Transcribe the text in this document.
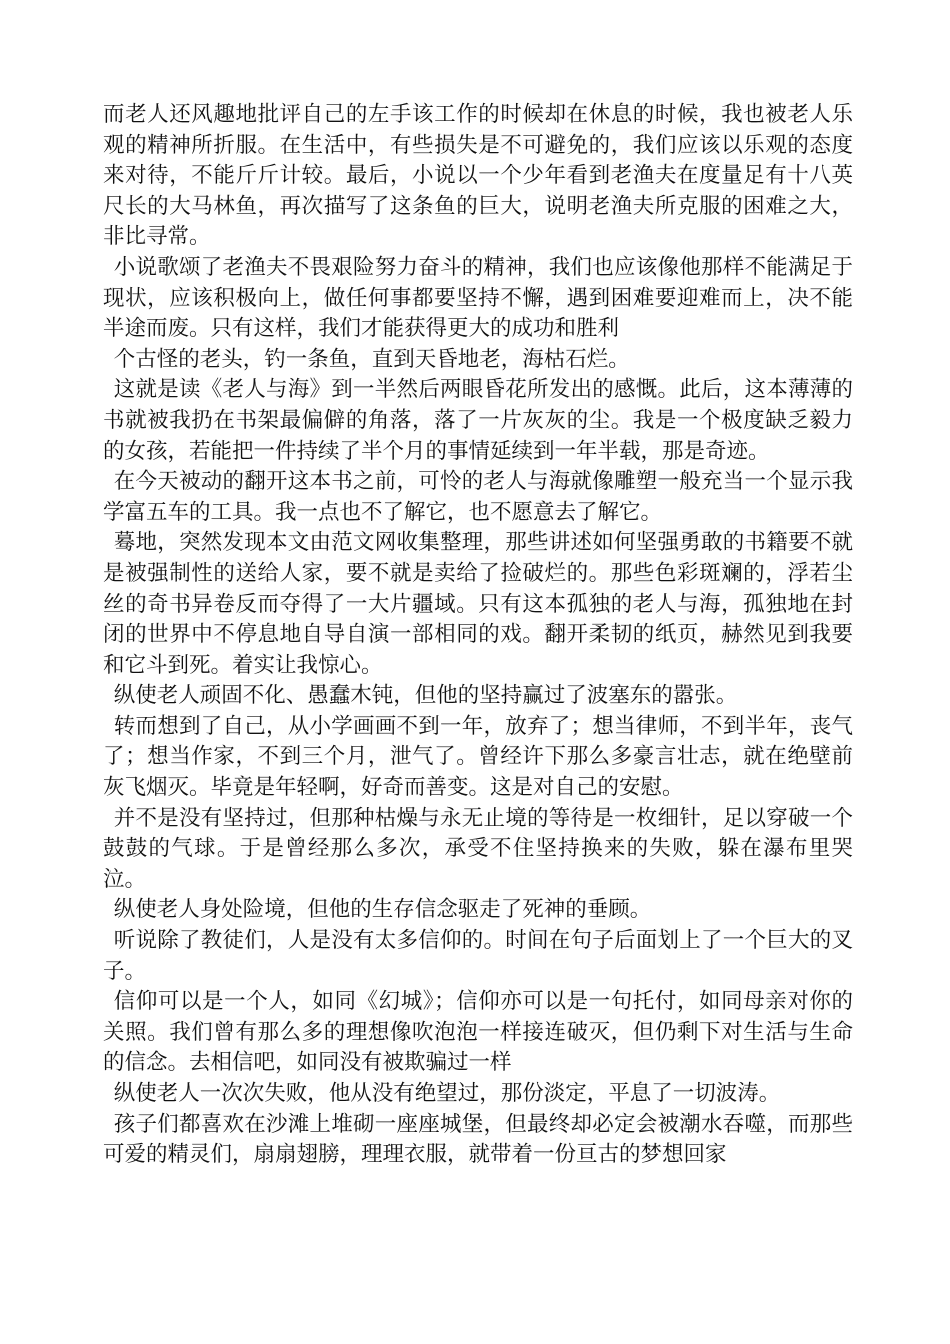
而老人还风趣地批评自己的左手该工作的时候却在休息的时候，我也被老人乐观的精神所折服。在生活中，有些损失是不可避免的，我们应该以乐观的态度来对待，不能斤斤计较。最后，小说以一个少年看到老渔夫在度量足有十八英尺长的大马林鱼，再次描写了这条鱼的巨大，说明老渔夫所克服的困难之大，非比寻常。

小说歌颂了老渔夫不畏艰险努力奋斗的精神，我们也应该像他那样不能满足于现状，应该积极向上，做任何事都要坚持不懈，遇到困难要迎难而上，决不能半途而废。只有这样，我们才能获得更大的成功和胜利

个古怪的老头，钓一条鱼，直到天昏地老，海枯石烂。

这就是读《老人与海》到一半然后两眼昏花所发出的感慨。此后，这本薄薄的书就被我扔在书架最偏僻的角落，落了一片灰灰的尘。我是一个极度缺乏毅力的女孩，若能把一件持续了半个月的事情延续到一年半载，那是奇迹。

在今天被动的翻开这本书之前，可怜的老人与海就像雕塑一般充当一个显示我学富五车的工具。我一点也不了解它，也不愿意去了解它。

蓦地，突然发现本文由范文网收集整理，那些讲述如何坚强勇敢的书籍要不就是被强制性的送给人家，要不就是卖给了捡破烂的。那些色彩斑斓的，浮若尘丝的奇书异卷反而夺得了一大片疆域。只有这本孤独的老人与海，孤独地在封闭的世界中不停息地自导自演一部相同的戏。翻开柔韧的纸页，赫然见到我要和它斗到死。着实让我惊心。

纵使老人顽固不化、愚蠢木钝，但他的坚持赢过了波塞东的嚣张。

转而想到了自己，从小学画画不到一年，放弃了；想当律师，不到半年，丧气了；想当作家，不到三个月，泄气了。曾经许下那么多豪言壮志，就在绝壁前灰飞烟灭。毕竟是年轻啊，好奇而善变。这是对自己的安慰。

并不是没有坚持过，但那种枯燥与永无止境的等待是一枚细针，足以穿破一个鼓鼓的气球。于是曾经那么多次，承受不住坚持换来的失败，躲在瀑布里哭泣。

纵使老人身处险境，但他的生存信念驱走了死神的垂顾。

听说除了教徒们，人是没有太多信仰的。时间在句子后面划上了一个巨大的叉子。

信仰可以是一个人，如同《幻城》；信仰亦可以是一句托付，如同母亲对你的关照。我们曾有那么多的理想像吹泡泡一样接连破灭，但仍剩下对生活与生命的信念。去相信吧，如同没有被欺骗过一样

纵使老人一次次失败，他从没有绝望过，那份淡定，平息了一切波涛。

孩子们都喜欢在沙滩上堆砌一座座城堡，但最终却必定会被潮水吞噬，而那些可爱的精灵们，扇扇翅膀，理理衣服，就带着一份亘古的梦想回家
